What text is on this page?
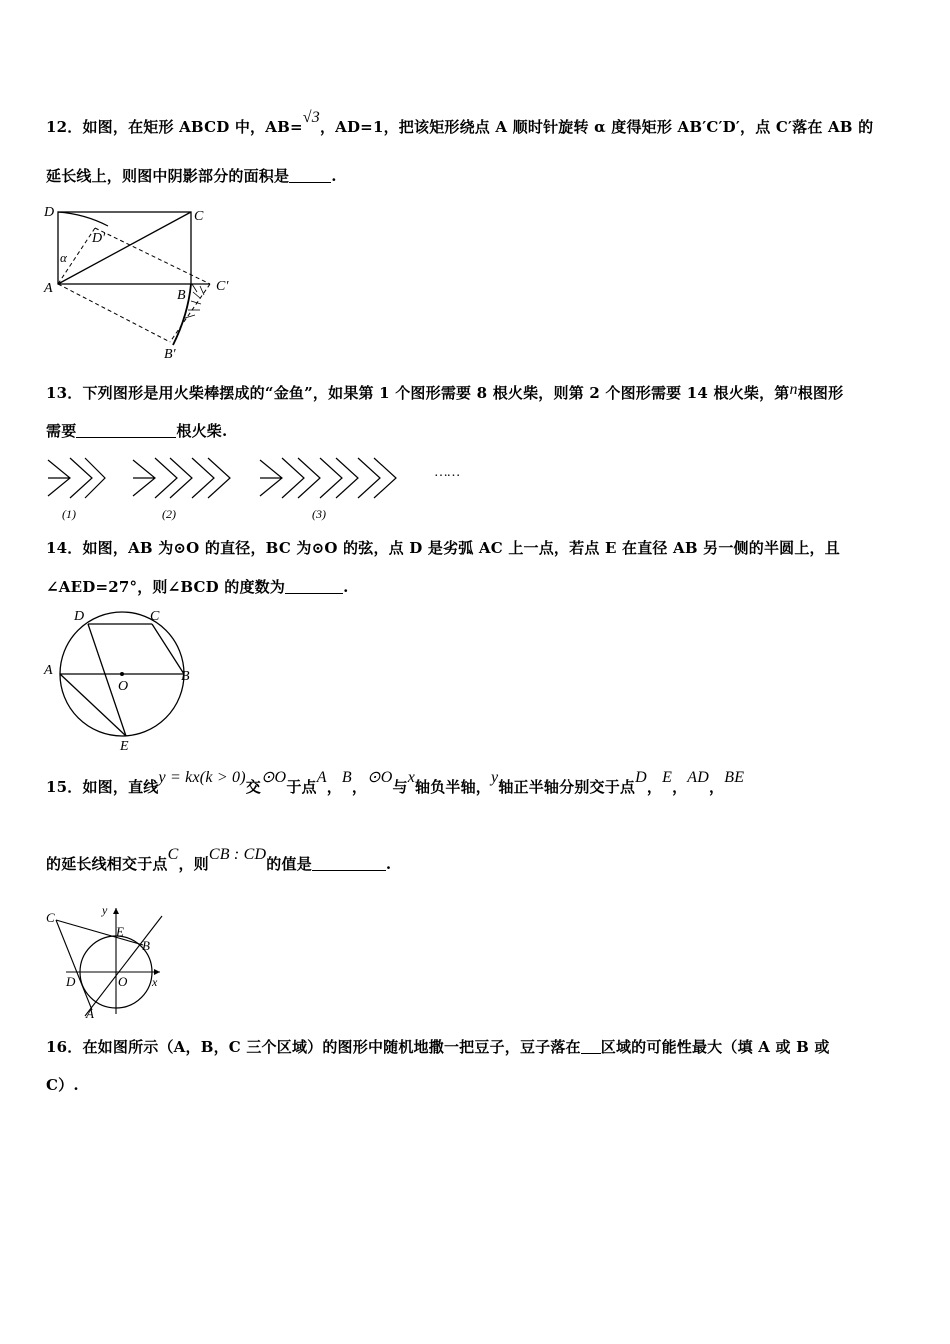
12．如图，在矩形 ABCD 中，AB=√3，AD=1，把该矩形绕点 A 顺时针旋转 α 度得矩形 AB′C′D′，点 C′落在 AB 的
延长线上，则图中阴影部分的面积是	.
D	C
D′
α
A	B
C′
B′
13．下列图形是用火柴棒摆成的“金鱼”，如果第 1 个图形需要 8 根火柴，则第 2 个图形需要 14 根火柴，第n根图形
需要	根火柴.
……
(1)	(2)	(3)
14．如图，AB 为⊙O 的直径，BC 为⊙O 的弦，点 D 是劣弧 AC 上一点，若点 E 在直径 AB 另一侧的半圆上，且
∠AED=27°，则∠BCD 的度数为	.
D	C
A
O
B
E
15．如图，直线y = kx(k > 0)交⊙O于点A，B，⊙O与x轴负半轴，y轴正半轴分别交于点D，E，AD，BE
的延长线相交于点C，则CB : CD的值是	.
C	y
E
B
D	O x
A
16．在如图所示（A，B，C 三个区域）的图形中随机地撒一把豆子，豆子落在 区域的可能性最大（填 A 或 B 或
C）.
